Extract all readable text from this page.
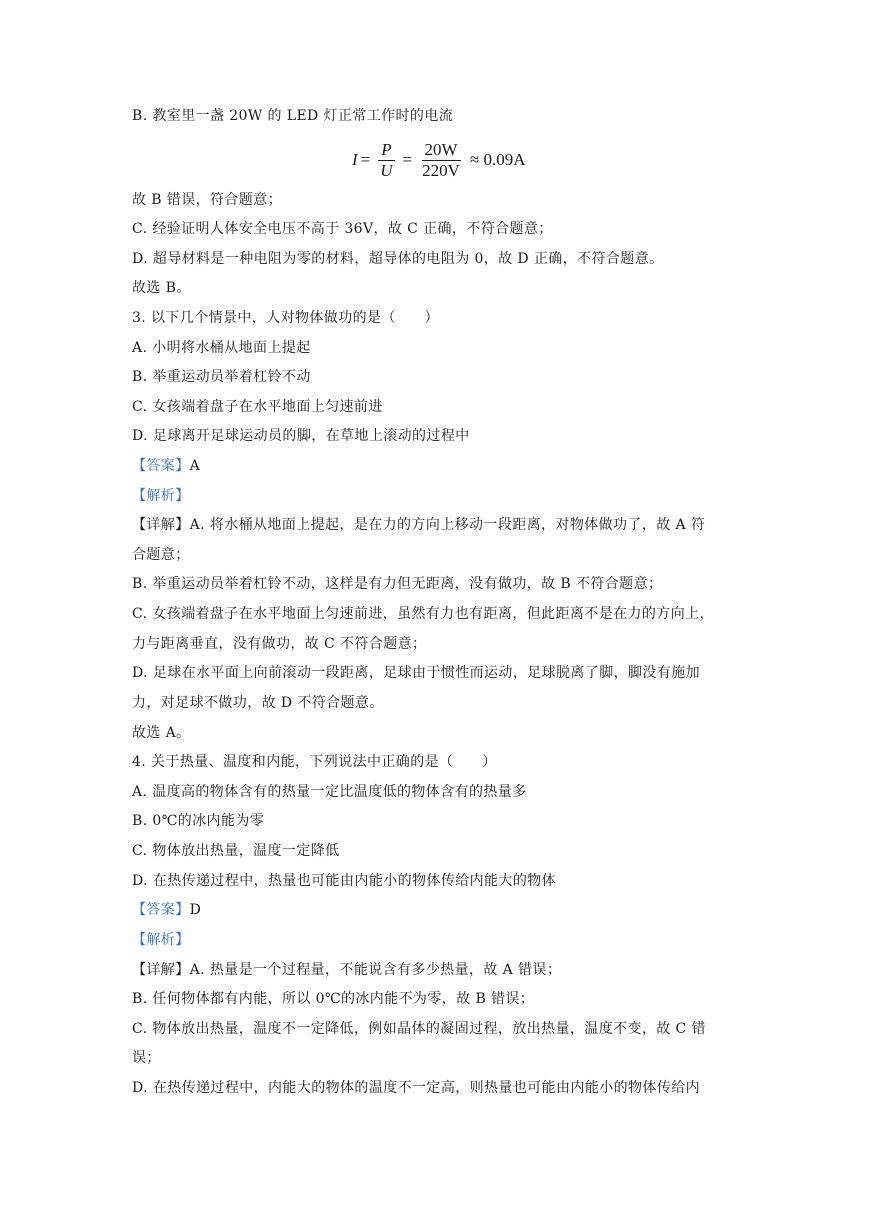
B. 教室里一盏 20W 的 LED 灯正常工作时的电流
$I = \frac{P}{U} = \frac{20W}{220V} \approx 0.09A$
故 B 错误，符合题意；
C. 经验证明人体安全电压不高于 36V，故 C 正确，不符合题意；
D. 超导材料是一种电阻为零的材料，超导体的电阻为 0，故 D 正确，不符合题意。
故选 B。
3. 以下几个情景中，人对物体做功的是（　　）
A. 小明将水桶从地面上提起
B. 举重运动员举着杠铃不动
C. 女孩端着盘子在水平地面上匀速前进
D. 足球离开足球运动员的脚，在草地上滚动的过程中
【答案】A
【解析】
【详解】A. 将水桶从地面上提起，是在力的方向上移动一段距离，对物体做功了，故 A 符
合题意；
B. 举重运动员举着杠铃不动，这样是有力但无距离，没有做功，故 B 不符合题意；
C. 女孩端着盘子在水平地面上匀速前进，虽然有力也有距离，但此距离不是在力的方向上，
力与距离垂直，没有做功，故 C 不符合题意；
D. 足球在水平面上向前滚动一段距离，足球由于惯性而运动，足球脱离了脚，脚没有施加
力，对足球不做功，故 D 不符合题意。
故选 A。
4. 关于热量、温度和内能，下列说法中正确的是（　　）
A. 温度高的物体含有的热量一定比温度低的物体含有的热量多
B. 0℃的冰内能为零
C. 物体放出热量，温度一定降低
D. 在热传递过程中，热量也可能由内能小的物体传给内能大的物体
【答案】D
【解析】
【详解】A. 热量是一个过程量，不能说含有多少热量，故 A 错误；
B. 任何物体都有内能，所以 0℃的冰内能不为零，故 B 错误；
C. 物体放出热量，温度不一定降低，例如晶体的凝固过程，放出热量，温度不变，故 C 错
误；
D. 在热传递过程中，内能大的物体的温度不一定高，则热量也可能由内能小的物体传给内
